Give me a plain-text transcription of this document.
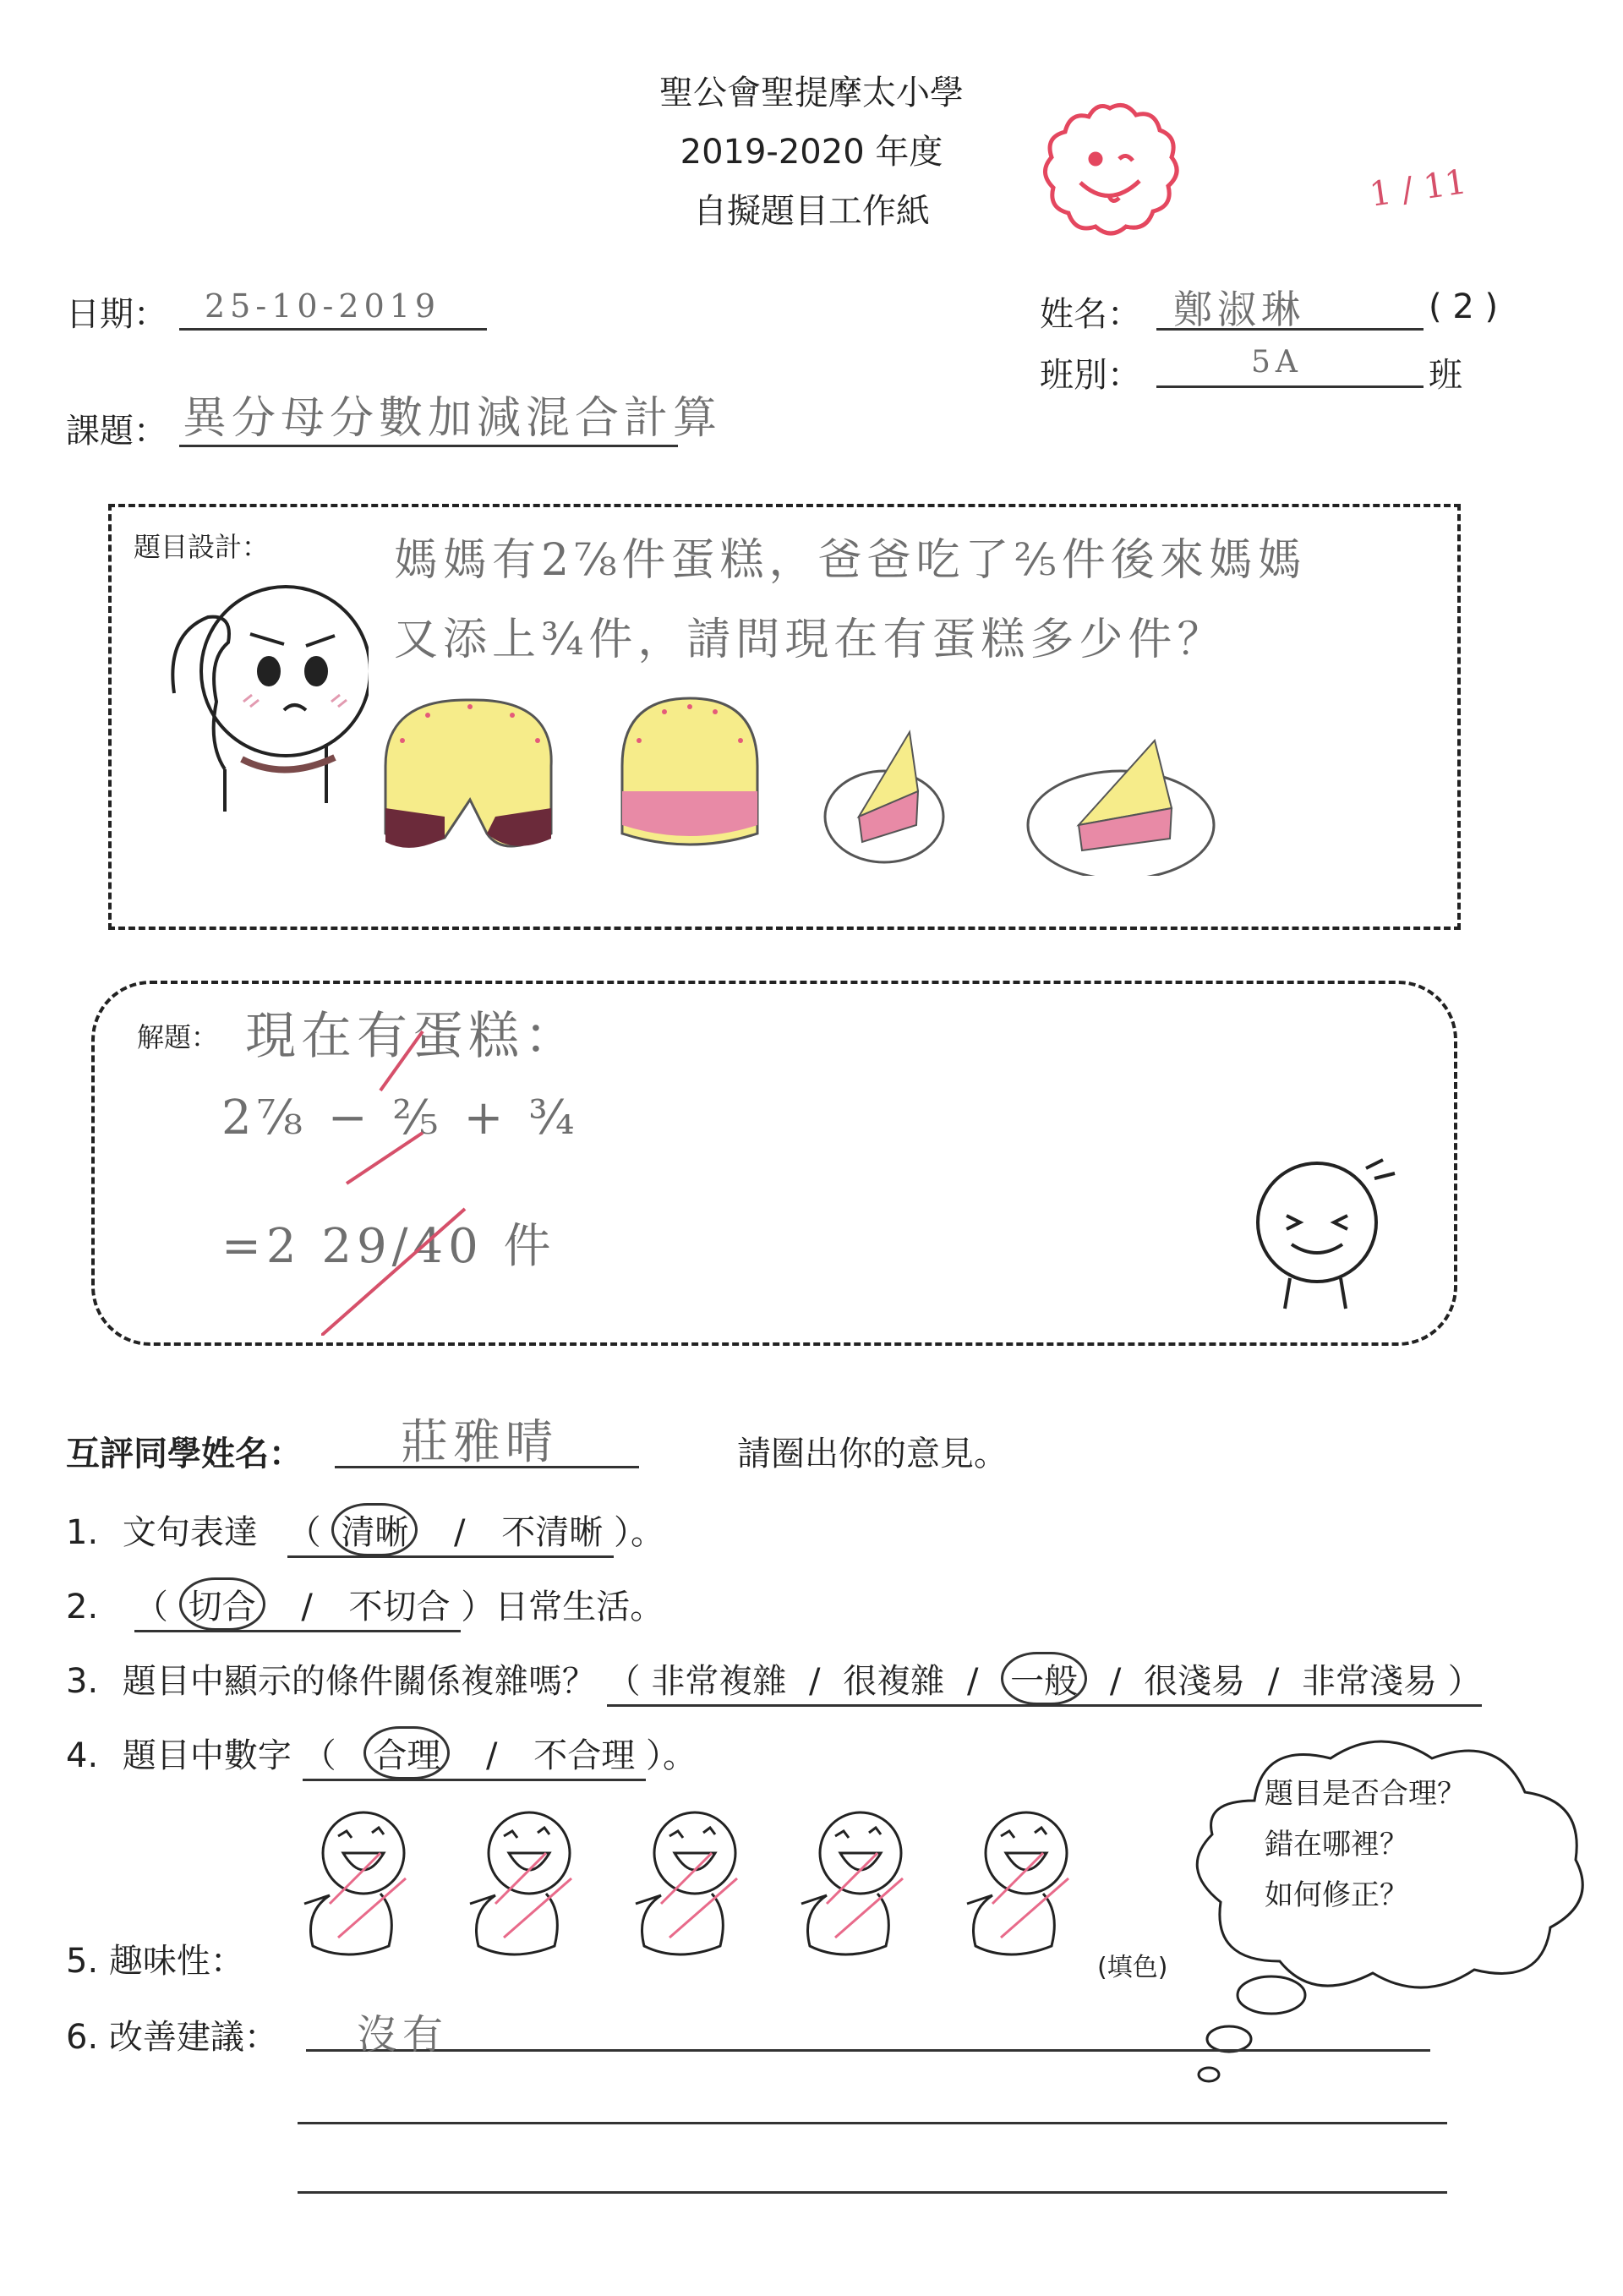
聖公會聖提摩太小學
2019-2020 年度
自擬題目工作紙	1 / 11
日期： 25-10-2019	姓名： 鄭淑琳	( 2 )
班別：	5A	班
課題： 異分母分數加減混合計算
題目設計：	媽媽有2⅞件蛋糕，爸爸吃了⅖件後來媽媽
又添上¾件，請問現在有蛋糕多少件？
解題： 現在有蛋糕：
2⅞ − ⅖ + ¾
=2 29/40 件
互評同學姓名： 莊雅晴	請圈出你的意見。
1. 文句表達 （ 清晰 / 不清晰 ）。
2. （ 切合 / 不切合 ）日常生活。
3. 題目中顯示的條件關係複雜嗎？ （ 非常複雜 / 很複雜 / 一般 / 很淺易 / 非常淺易 ）
4. 題目中數字 （ 合理 / 不合理 ）。
5. 趣味性：	(填色)
題目是否合理？
錯在哪裡？
如何修正？
6. 改善建議： 沒有
